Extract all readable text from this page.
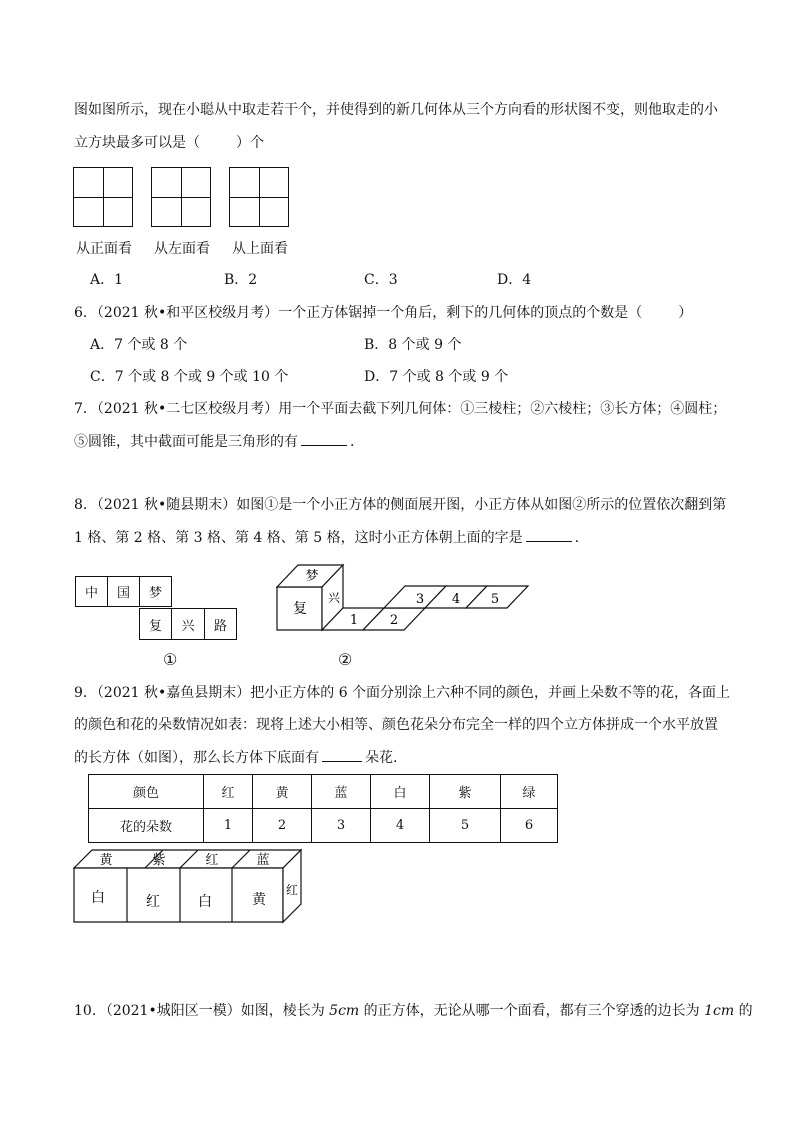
图如图所示，现在小聪从中取走若干个，并使得到的新几何体从三个方向看的形状图不变，则他取走的小
立方块最多可以是（	）个
从正面看 从左面看 从上面看
A．1	B．2	C．3	D．4
6．（2021 秋•和平区校级月考）一个正方体锯掉一个角后，剩下的几何体的顶点的个数是（	）
A．7 个或 8 个	B．8 个或 9 个
C．7 个或 8 个或 9 个或 10 个	D．7 个或 8 个或 9 个
7．（2021 秋•二七区校级月考）用一个平面去截下列几何体：①三棱柱；②六棱柱；③长方体；④圆柱；
⑤圆锥，其中截面可能是三角形的有	.
8．（2021 秋•随县期末）如图①是一个小正方体的侧面展开图，小正方体从如图②所示的位置依次翻到第
1 格、第 2 格、第 3 格、第 4 格、第 5 格，这时小正方体朝上面的字是	.
中	国	梦
复	兴	路
①
梦
复
兴
1 2
3 4 5
②
9．（2021 秋•嘉鱼县期末）把小正方体的 6 个面分别涂上六种不同的颜色，并画上朵数不等的花，各面上
的颜色和花的朵数情况如表：现将上述大小相等、颜色花朵分布完全一样的四个立方体拼成一个水平放置
的长方体（如图），那么长方体下底面有	朵花.
颜色	红	黄	蓝	白	紫	绿
花的朵数	1	2	3	4	5	6
黄	紫	红	蓝
白	红	白	黄
红
10．（2021•城阳区一模）如图，棱长为 5cm 的正方体，无论从哪一个面看，都有三个穿透的边长为 1cm 的
